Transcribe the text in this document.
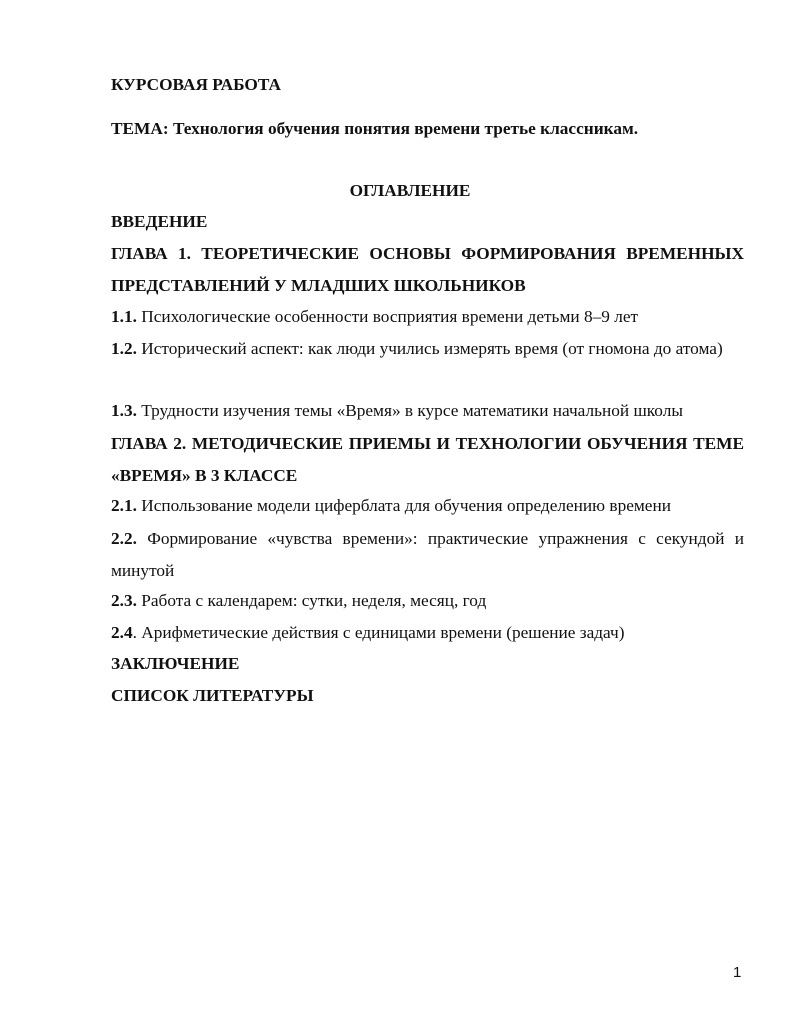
КУРСОВАЯ РАБОТА
ТЕМА: Технология обучения понятия времени третье классникам.
ОГЛАВЛЕНИЕ
ВВЕДЕНИЕ
ГЛАВА 1. ТЕОРЕТИЧЕСКИЕ ОСНОВЫ ФОРМИРОВАНИЯ ВРЕМЕННЫХ ПРЕДСТАВЛЕНИЙ У МЛАДШИХ ШКОЛЬНИКОВ
1.1. Психологические особенности восприятия времени детьми 8–9 лет
1.2. Исторический аспект: как люди учились измерять время (от гномона до атома)
1.3. Трудности изучения темы «Время» в курсе математики начальной школы
ГЛАВА 2. МЕТОДИЧЕСКИЕ ПРИЕМЫ И ТЕХНОЛОГИИ ОБУЧЕНИЯ ТЕМЕ «ВРЕМЯ» В 3 КЛАССЕ
2.1. Использование модели циферблата для обучения определению времени
2.2. Формирование «чувства времени»: практические упражнения с секундой и минутой
2.3. Работа с календарем: сутки, неделя, месяц, год
2.4. Арифметические действия с единицами времени (решение задач)
ЗАКЛЮЧЕНИЕ
СПИСОК ЛИТЕРАТУРЫ
1
